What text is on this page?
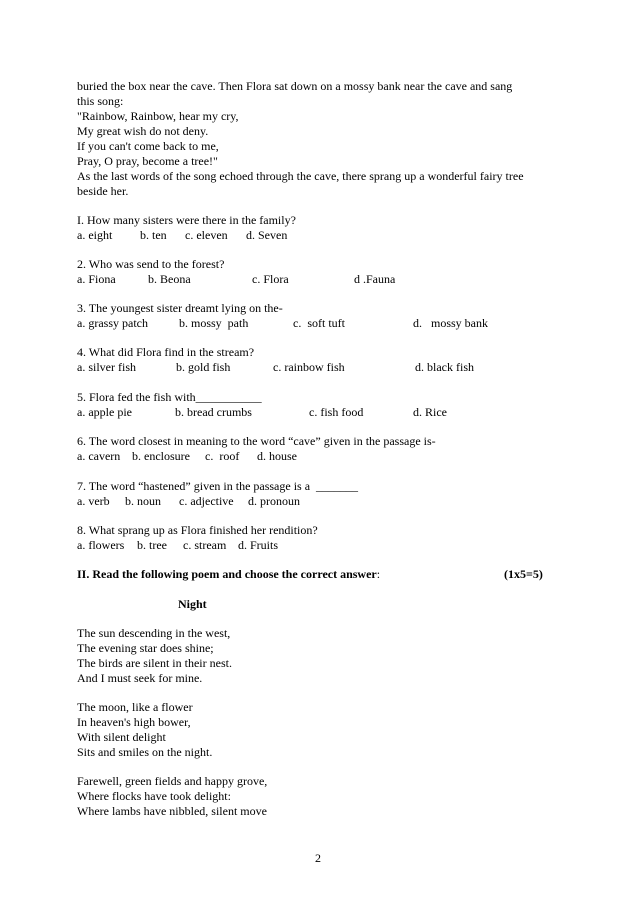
buried the box near the cave. Then Flora sat down on a mossy bank near the cave and sang
this song:
"Rainbow, Rainbow, hear my cry,
My great wish do not deny.
If you can't come back to me,
Pray, O pray, become a tree!"
As the last words of the song echoed through the cave, there sprang up a wonderful fairy tree
beside her.
I. How many sisters were there in the family?
a. eight b. ten c. eleven d. Seven
2. Who was send to the forest?
a. Fiona	b. Beona	c. Flora	d .Fauna
3. The youngest sister dreamt lying on the-
a. grassy patch	b. mossy  path	c.  soft tuft	d.   mossy bank
4. What did Flora find in the stream?
a. silver fish	b. gold fish	c. rainbow fish	d. black fish
5. Flora fed the fish with___________
a. apple pie	b. bread crumbs	c. fish food	d. Rice
6. The word closest in meaning to the word “cave” given in the passage is-
a. cavern b. enclosure c.  roof d. house
7. The word “hastened” given in the passage is a  _______
a. verb b. noun c. adjective d. pronoun
8. What sprang up as Flora finished her rendition?
a. flowers b. tree c. stream d. Fruits
II. Read the following poem and choose the correct answer:	(1x5=5)
Night
The sun descending in the west,
The evening star does shine;
The birds are silent in their nest.
And I must seek for mine.
The moon, like a flower
In heaven's high bower,
With silent delight
Sits and smiles on the night.
Farewell, green fields and happy grove,
Where flocks have took delight:
Where lambs have nibbled, silent move
2
